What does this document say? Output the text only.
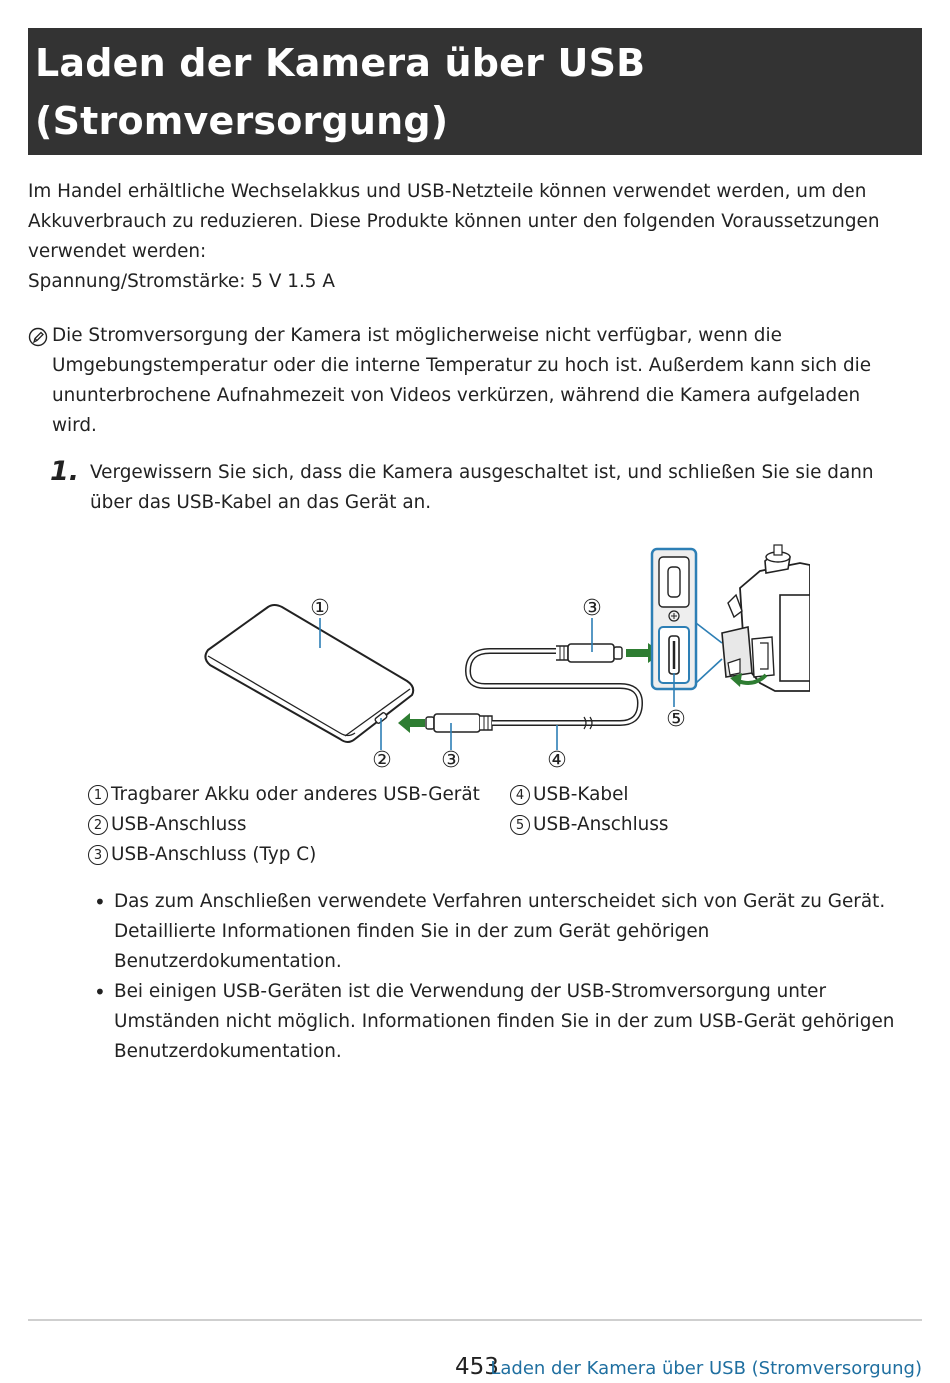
Laden der Kamera über USB
(Stromversorgung)
Im Handel erhältliche Wechselakkus und USB-Netzteile können verwendet werden, um den Akkuverbrauch zu reduzieren. Diese Produkte können unter den folgenden Voraussetzungen verwendet werden:
Spannung/Stromstärke: 5 V 1.5 A
Die Stromversorgung der Kamera ist möglicherweise nicht verfügbar, wenn die Umgebungstemperatur oder die interne Temperatur zu hoch ist. Außerdem kann sich die ununterbrochene Aufnahmezeit von Videos verkürzen, während die Kamera aufgeladen wird.
1. Vergewissern Sie sich, dass die Kamera ausgeschaltet ist, und schließen Sie sie dann über das USB-Kabel an das Gerät an.
①
② ③
③
④
⑤
1 Tragbarer Akku oder anderes USB-Gerät
2 USB-Anschluss
3 USB-Anschluss (Typ C)
4 USB-Kabel
5 USB-Anschluss
• Das zum Anschließen verwendete Verfahren unterscheidet sich von Gerät zu Gerät. Detaillierte Informationen finden Sie in der zum Gerät gehörigen Benutzerdokumentation.
• Bei einigen USB-Geräten ist die Verwendung der USB-Stromversorgung unter Umständen nicht möglich. Informationen finden Sie in der zum USB-Gerät gehörigen Benutzerdokumentation.
453
Laden der Kamera über USB (Stromversorgung)
